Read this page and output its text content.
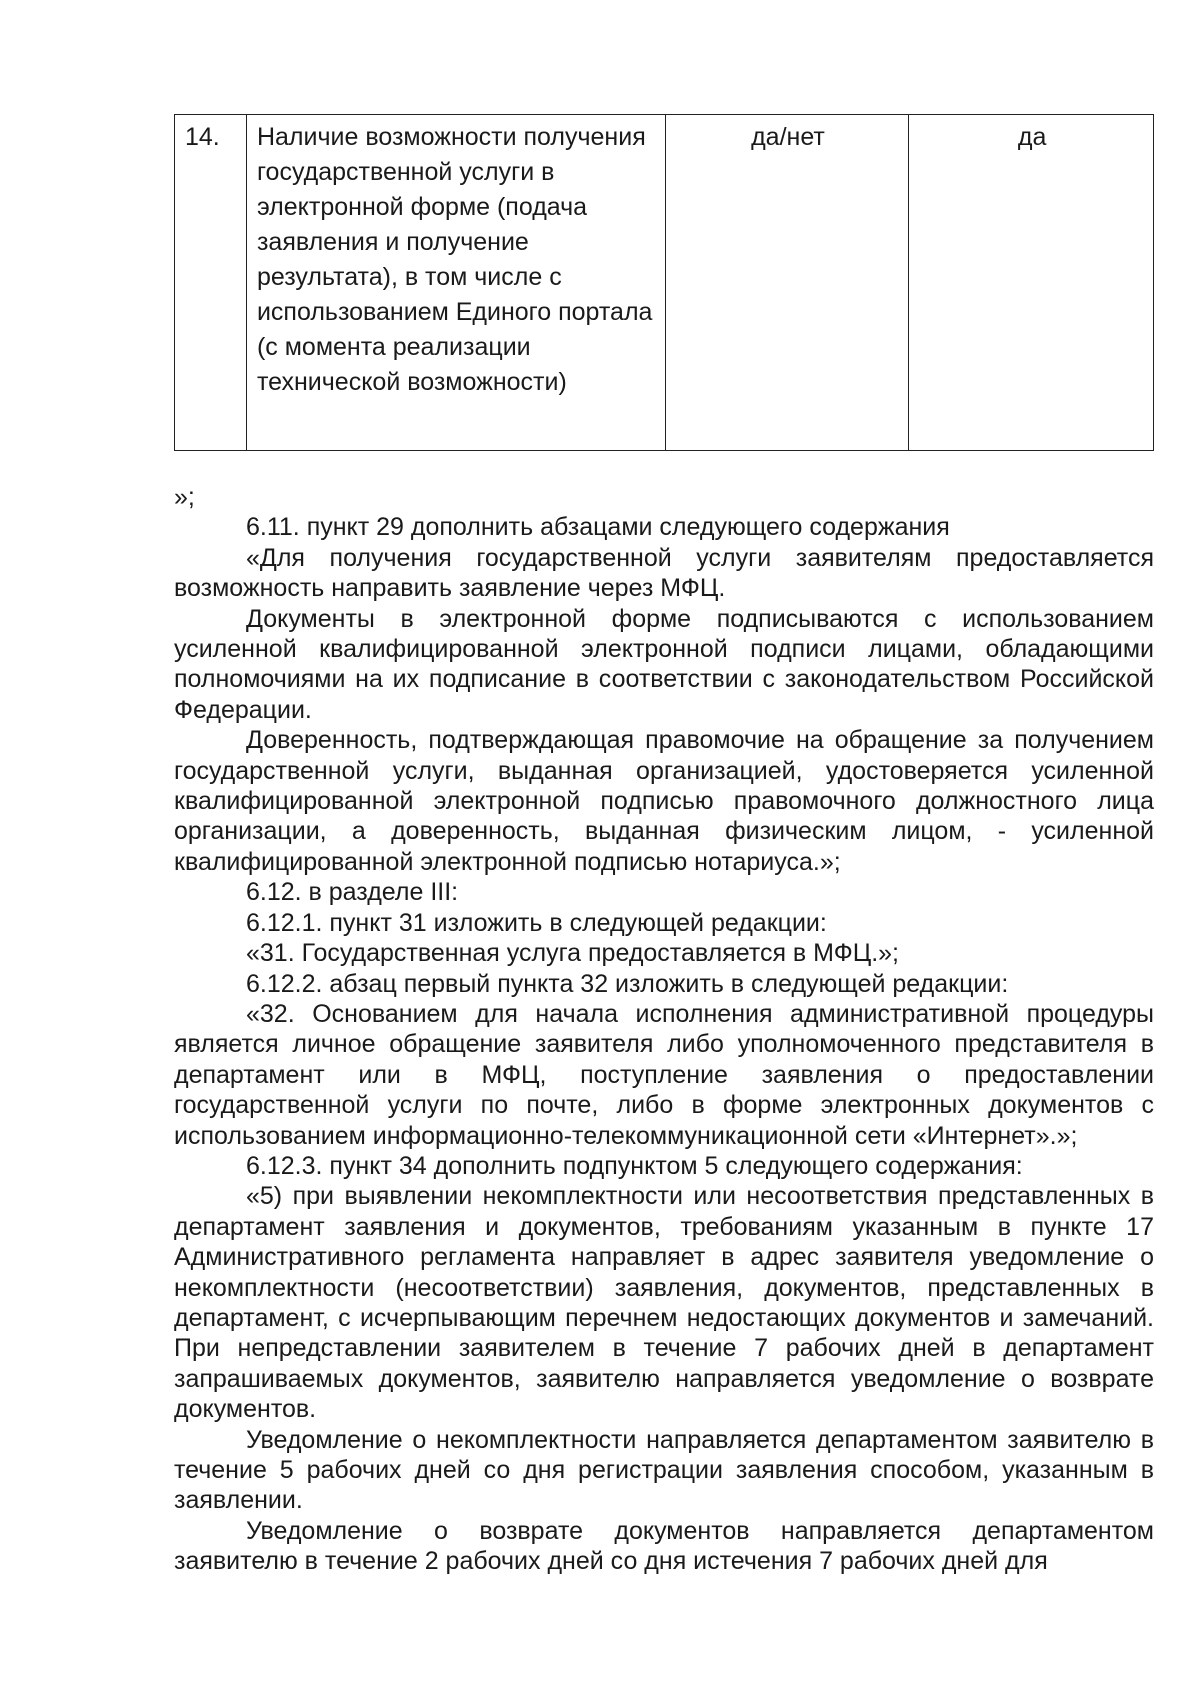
14.	Наличие возможности получения государственной услуги в электронной форме (подача заявления и получение результата), в том числе с использованием Единого портала (с момента реализации технической возможности)	да/нет	да

»;

6.11. пункт 29 дополнить абзацами следующего содержания

«Для получения государственной услуги заявителям предоставляется возможность направить заявление через МФЦ.

Документы в электронной форме подписываются с использованием усиленной квалифицированной электронной подписи лицами, обладающими полномочиями на их подписание в соответствии с законодательством Российской Федерации.

Доверенность, подтверждающая правомочие на обращение за получением государственной услуги, выданная организацией, удостоверяется усиленной квалифицированной электронной подписью правомочного должностного лица организации, а доверенность, выданная физическим лицом, - усиленной квалифицированной электронной подписью нотариуса.»;

6.12. в разделе III:

6.12.1. пункт 31 изложить в следующей редакции:

«31. Государственная услуга предоставляется в МФЦ.»;

6.12.2. абзац первый пункта 32 изложить в следующей редакции:

«32. Основанием для начала исполнения административной процедуры является личное обращение заявителя либо уполномоченного представителя в департамент или в МФЦ, поступление заявления о предоставлении государственной услуги по почте, либо в форме электронных документов с использованием информационно-телекоммуникационной сети «Интернет».»;

6.12.3. пункт 34 дополнить подпунктом 5 следующего содержания:

«5) при выявлении некомплектности или несоответствия представленных в департамент заявления и документов, требованиям указанным в пункте 17 Административного регламента направляет в адрес заявителя уведомление о некомплектности (несоответствии) заявления, документов, представленных в департамент, с исчерпывающим перечнем недостающих документов и замечаний. При непредставлении заявителем в течение 7 рабочих дней в департамент запрашиваемых документов, заявителю направляется уведомление о возврате документов.

Уведомление о некомплектности направляется департаментом заявителю в течение 5 рабочих дней со дня регистрации заявления способом, указанным в заявлении.

Уведомление о возврате документов направляется департаментом заявителю в течение 2 рабочих дней со дня истечения 7 рабочих дней для
